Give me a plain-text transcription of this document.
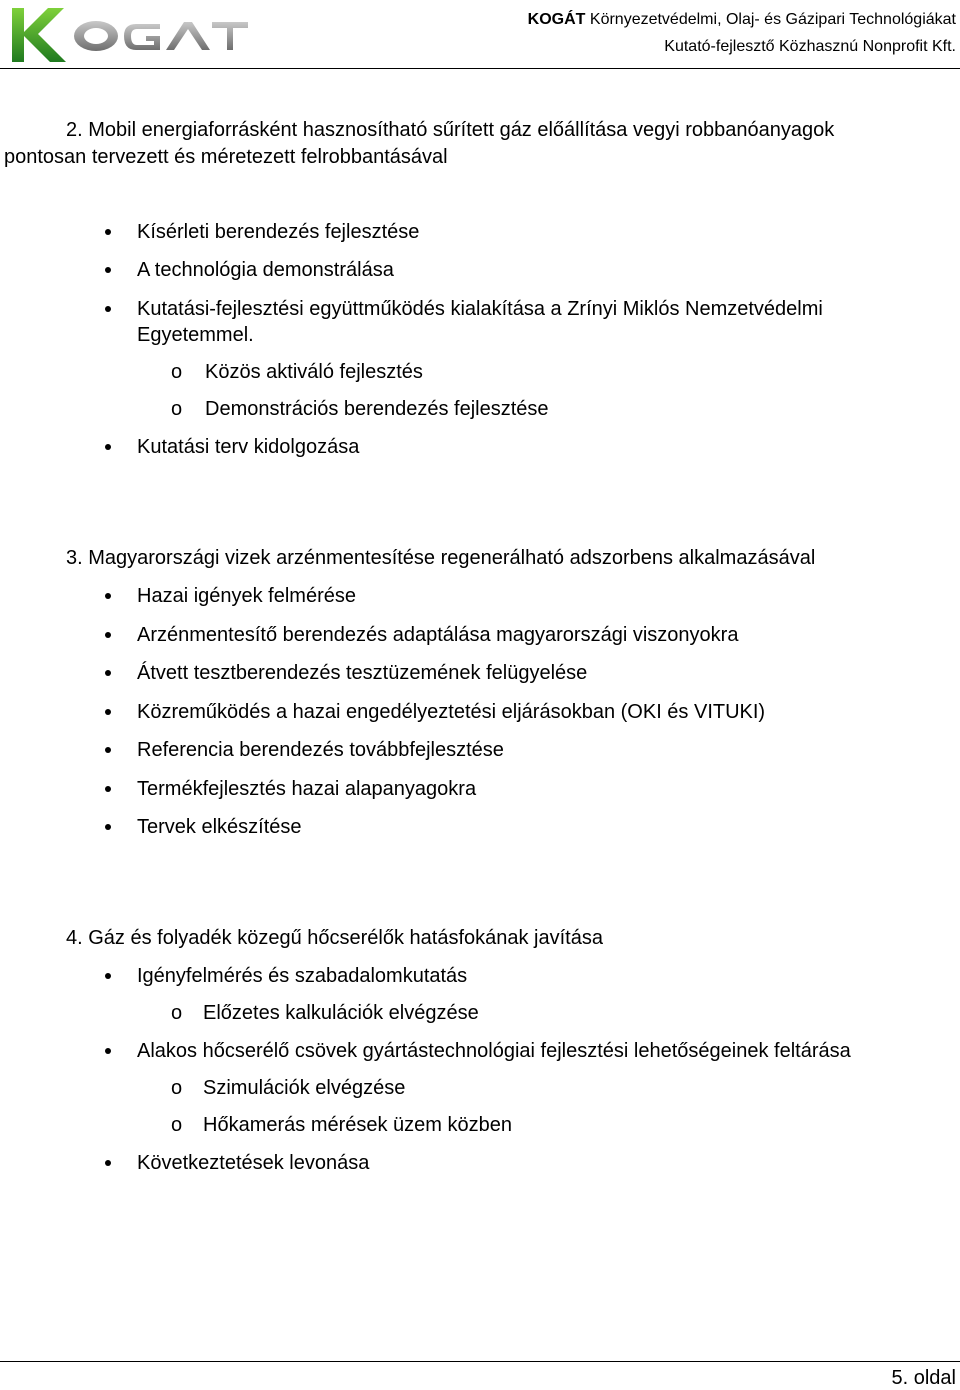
KOGÁT Környezetvédelmi, Olaj- és Gázipari Technológiákat
Kutató-fejlesztő Közhasznú Nonprofit Kft.
2. Mobil energiaforrásként hasznosítható sűrített gáz előállítása vegyi robbanóanyagok
pontosan tervezett és méretezett felrobbantásával
Kísérleti berendezés fejlesztése
A technológia demonstrálása
Kutatási-fejlesztési együttműködés kialakítása a Zrínyi Miklós Nemzetvédelmi
Egyetemmel.
o Közös aktiváló fejlesztés
o Demonstrációs berendezés fejlesztése
Kutatási terv kidolgozása
3. Magyarországi vizek arzénmentesítése regenerálható adszorbens alkalmazásával
Hazai igények felmérése
Arzénmentesítő berendezés adaptálása magyarországi viszonyokra
Átvett tesztberendezés tesztüzemének felügyelése
Közreműködés a hazai engedélyeztetési eljárásokban (OKI és VITUKI)
Referencia berendezés továbbfejlesztése
Termékfejlesztés hazai alapanyagokra
Tervek elkészítése
4. Gáz és folyadék közegű hőcserélők hatásfokának javítása
Igényfelmérés és szabadalomkutatás
o Előzetes kalkulációk elvégzése
Alakos hőcserélő csövek gyártástechnológiai fejlesztési lehetőségeinek feltárása
o Szimulációk elvégzése
o Hőkamerás mérések üzem közben
Következtetések levonása
5. oldal
